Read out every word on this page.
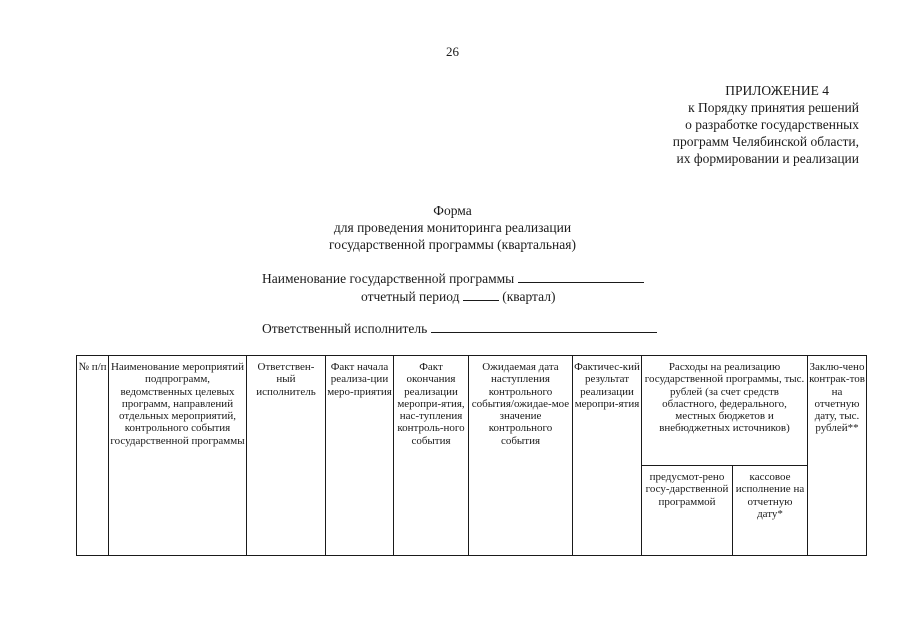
26
ПРИЛОЖЕНИЕ 4
к Порядку принятия решений
о разработке государственных
программ Челябинской области,
их формировании и реализации
Форма
для проведения мониторинга реализации
государственной программы (квартальная)
Наименование государственной программы
отчетный период	(квартал)
Ответственный исполнитель
№ п/п	Наименование мероприятий подпрограмм, ведомственных целевых программ, направлений отдельных мероприятий, контрольного события государственной программы	Ответствен-ный исполнитель	Факт начала реализа-ции меро-приятия	Факт окончания реализации меропри-ятия, нас-тупления контроль-ного события	Ожидаемая дата наступления контрольного события/ожидае-мое значение контрольного события	Фактичес-кий результат реализации меропри-ятия	Расходы на реализацию государственной программы, тыс. рублей (за счет средств областного, федерального, местных бюджетов и внебюджетных источников)		Заклю-чено контрак-тов на отчетную дату, тыс. рублей**
							предусмот-рено госу-дарственной программой	кассовое исполнение на отчетную дату*	
